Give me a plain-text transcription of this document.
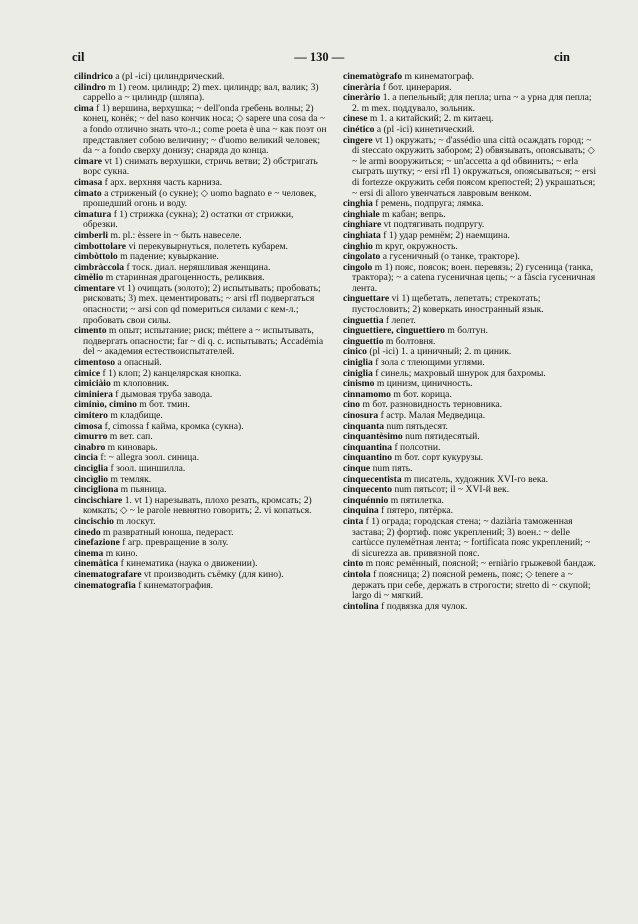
cil	— 130 —	cin
cilindrico a (pl -ici) цилиндрический.
cilindro m 1) геом. цилиндр; 2) mex. цилиндр; вал, валик; 3) cappello a ~ цилиндр (шляпа).
cima f 1) вершина, верхушка; ~ dell'onda гребень волны; 2) конец, конёк; ~ del naso кончик носа; ◇ sapere una cosa da ~ a fondo отлично знать что-л.; come poeta è una ~ как поэт он представляет собою величину; ~ d'uomo великий человек; da ~ a fondo сверху донизу; снаряда до конца.
cimare vt 1) снимать верхушки, стричь ветви; 2) обстригать ворс сукна.
cimasa f арх. верхняя часть карниза.
cimato a стриженый (о сукне); ◇ uomo bagnato e ~ человек, прошедший огонь и воду.
cimatura f 1) стрижка (сукна); 2) остатки от стрижки, обрезки.
cimberli m. pl.: èssere in ~ быть навеселе.
cimbottolare vi перекувырнуться, полететь кубарем.
cimbòttolo m падение; кувыркание.
cimbràccola f тоск. диал. неряшливая женщина.
cimèlio m старинная драгоценность, реликвия.
cimentare vt 1) очищать (золото); 2) испытывать; пробовать; рисковать; 3) mex. цементировать; ~ arsi rfl подвергаться опасности; ~ arsi con qd помериться силами с кем-л.; пробовать свои силы.
cimento m опыт; испытание; риск; méttere a ~ испытывать, подвергать опасности; far ~ di q. с. испытывать; Accadémia del ~ академия естествоиспытателей.
cimentoso a опасный.
cimice f 1) клоп; 2) канцелярская кнопка.
cimiciàio m клоповник.
ciminiera f дымовая труба завода.
ciminìo, cimino m бот. тмин.
cimitero m кладбище.
cimosa f, cimossa f кайма, кромка (сукна).
cimurro m вет. сап.
cinabro m киноварь.
cincia f: ~ allegra зоол. синица.
cinciglia f зоол. шиншилла.
cincìglio m темляк.
cincigliona m пьяница.
cincischiare 1. vt 1) нарезывать, плохо резать, кромсать; 2) комкать; ◇ ~ le parole невнятно говорить; 2. vi копаться.
cincischio m лоскут.
cinedo m развратный юноша, педераст.
cinefazione f агр. превращение в золу.
cinema m кино.
cinemàtica f кинематика (наука о движении).
cinematografare vt производить съёмку (для кино).
cinematografia f кинематография.
cinematògrafo m кинематограф.
cinerària f бот. цинерария.
cineràrio 1. a пепельный; для пепла; urna ~ a урна для пепла; 2. m mex. поддувало, зольник.
cinese m 1. a китайский; 2. m китаец.
cinético a (pl -ici) кинетический.
cìngere vt 1) окружать; ~ d'assédio una città осаждать город; ~ di steccato окружить забором; 2) обвязывать, опоясывать; ◇ ~ le armi вооружиться; ~ un'accetta a qd обвинить; ~ erla сыграть шутку; ~ ersi rfl 1) окружаться, опоясываться; ~ ersi di fortezze окружить себя поясом крепостей; 2) украшаться; ~ ersi di alloro увенчаться лавровым венком.
cinghia f ремень, подпруга; лямка.
cinghiale m кабан; вепрь.
cinghiare vt подтягивать подпругу.
cinghiata f 1) удар ремнём; 2) наемщина.
cinghio m круг, окружность.
cingolato a гусеничный (о танке, тракторе).
cingolo m 1) пояс, поясок; воен. перевязь; 2) гусеница (танка, трактора); ~ a catena гусеничная цепь; ~ a fàscia гусеничная лента.
cinguettare vi 1) щебетать, лепетать; стрекотать; пустословить; 2) коверкать иностранный язык.
cinguettìa f лепет.
cinguettiere, cinguettiero m болтун.
cinguettio m болтовня.
cinico (pl -ici) 1. a циничный; 2. m циник.
ciniglia f зола с тлеющими углями.
ciniglia f синель; махровый шнурок для бахромы.
cinismo m цинизм, циничность.
cinnamomo m бот. корица.
cino m бот. разновидность терновника.
cinosura f астр. Малая Медведица.
cinquanta num пятьдесят.
cinquantèsimo num пятидесятый.
cinquantina f полсотни.
cinquantino m бот. сорт кукурузы.
cinque num пять.
cinquecentista m писатель, художник XVI-го века.
cinquecento num пятьсот; il ~ XVI-й век.
cinquénnio m пятилетка.
cinquina f пятеро, пятёрка.
cinta f 1) ограда; городская стена; ~ daziària таможенная застава; 2) фортиф. пояс укреплений; 3) воен.: ~ delle cartùcce пулемётная лента; ~ fortificata пояс укреплений; ~ di sicurezza ав. привязной пояс.
cinto m пояс ремённый, поясной; ~ erniàrio грыжевой бандаж.
cintola f поясница; 2) поясной ремень, пояс; ◇ tenere a ~ держать при себе, держать в строгости; stretto di ~ скупой; largo di ~ мягкий.
cintolina f подвязка для чулок.
